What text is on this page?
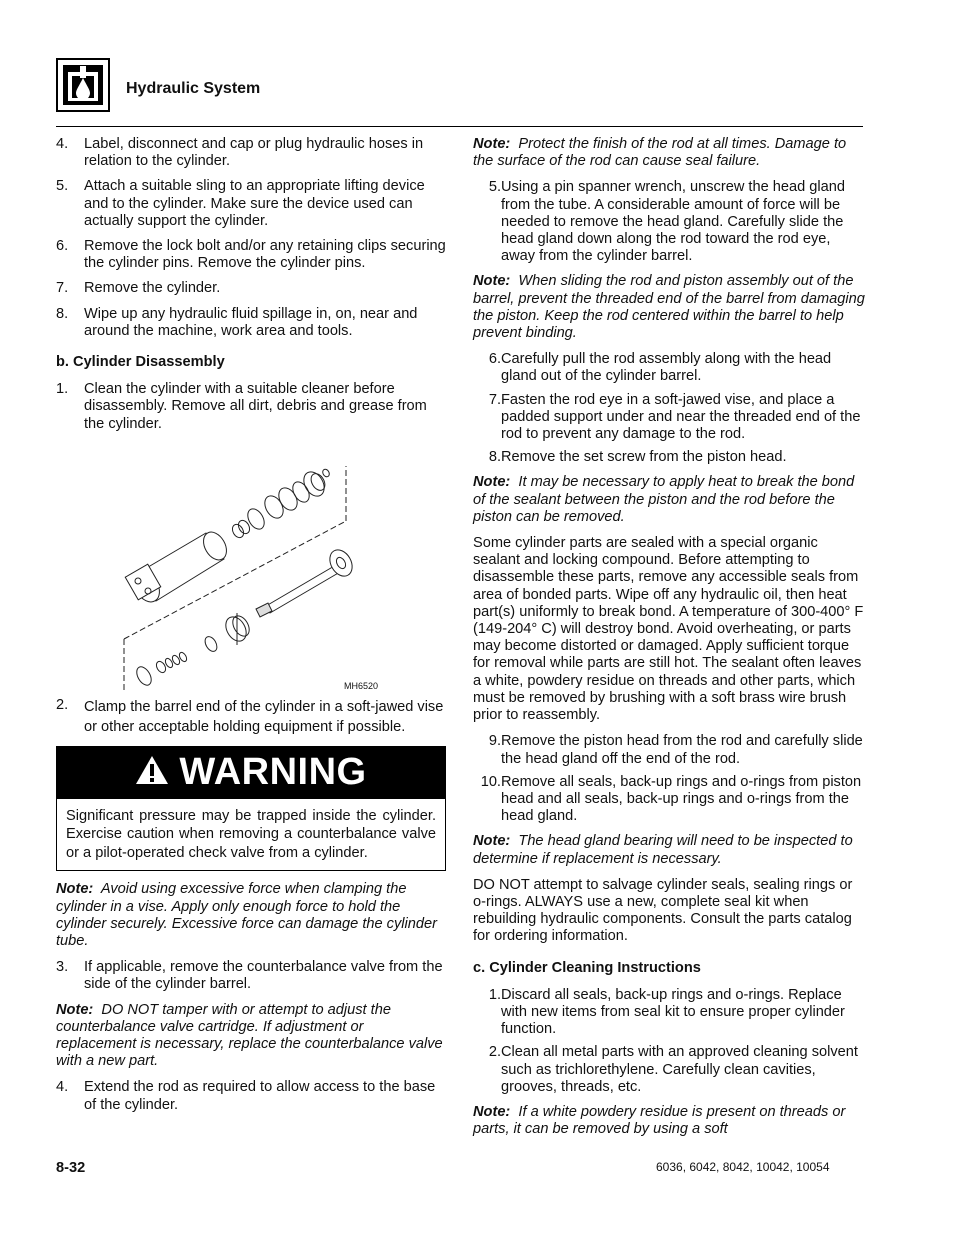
Hydraulic System
4.	Label, disconnect and cap or plug hydraulic hoses in relation to the cylinder.
5.	Attach a suitable sling to an appropriate lifting device and to the cylinder. Make sure the device used can actually support the cylinder.
6.	Remove the lock bolt and/or any retaining clips securing the cylinder pins. Remove the cylinder pins.
7.	Remove the cylinder.
8.	Wipe up any hydraulic fluid spillage in, on, near and around the machine, work area and tools.
b. Cylinder Disassembly
1.	Clean the cylinder with a suitable cleaner before disassembly. Remove all dirt, debris and grease from the cylinder.
MH6520
2.	Clamp the barrel end of the cylinder in a soft-jawed vise or other acceptable holding equipment if possible.
WARNING
Significant pressure may be trapped inside the cylinder. Exercise caution when removing a counterbalance valve or a pilot-operated check valve from a cylinder.
Note: Avoid using excessive force when clamping the cylinder in a vise. Apply only enough force to hold the cylinder securely. Excessive force can damage the cylinder tube.
3.	If applicable, remove the counterbalance valve from the side of the cylinder barrel.
Note: DO NOT tamper with or attempt to adjust the counterbalance valve cartridge. If adjustment or replacement is necessary, replace the counterbalance valve with a new part.
4.	Extend the rod as required to allow access to the base of the cylinder.
Note: Protect the finish of the rod at all times. Damage to the surface of the rod can cause seal failure.
5. Using a pin spanner wrench, unscrew the head gland from the tube. A considerable amount of force will be needed to remove the head gland. Carefully slide the head gland down along the rod toward the rod eye, away from the cylinder barrel.
Note: When sliding the rod and piston assembly out of the barrel, prevent the threaded end of the barrel from damaging the piston. Keep the rod centered within the barrel to help prevent binding.
6. Carefully pull the rod assembly along with the head gland out of the cylinder barrel.
7. Fasten the rod eye in a soft-jawed vise, and place a padded support under and near the threaded end of the rod to prevent any damage to the rod.
8. Remove the set screw from the piston head.
Note: It may be necessary to apply heat to break the bond of the sealant between the piston and the rod before the piston can be removed.
Some cylinder parts are sealed with a special organic sealant and locking compound. Before attempting to disassemble these parts, remove any accessible seals from area of bonded parts. Wipe off any hydraulic oil, then heat part(s) uniformly to break bond. A temperature of 300-400° F (149-204° C) will destroy bond. Avoid overheating, or parts may become distorted or damaged. Apply sufficient torque for removal while parts are still hot. The sealant often leaves a white, powdery residue on threads and other parts, which must be removed by brushing with a soft brass wire brush prior to reassembly.
9. Remove the piston head from the rod and carefully slide the head gland off the end of the rod.
10. Remove all seals, back-up rings and o-rings from piston head and all seals, back-up rings and o-rings from the head gland.
Note: The head gland bearing will need to be inspected to determine if replacement is necessary.
DO NOT attempt to salvage cylinder seals, sealing rings or o-rings. ALWAYS use a new, complete seal kit when rebuilding hydraulic components. Consult the parts catalog for ordering information.
c. Cylinder Cleaning Instructions
1. Discard all seals, back-up rings and o-rings. Replace with new items from seal kit to ensure proper cylinder function.
2. Clean all metal parts with an approved cleaning solvent such as trichlorethylene. Carefully clean cavities, grooves, threads, etc.
Note: If a white powdery residue is present on threads or parts, it can be removed by using a soft
8-32	6036, 6042, 8042, 10042, 10054
